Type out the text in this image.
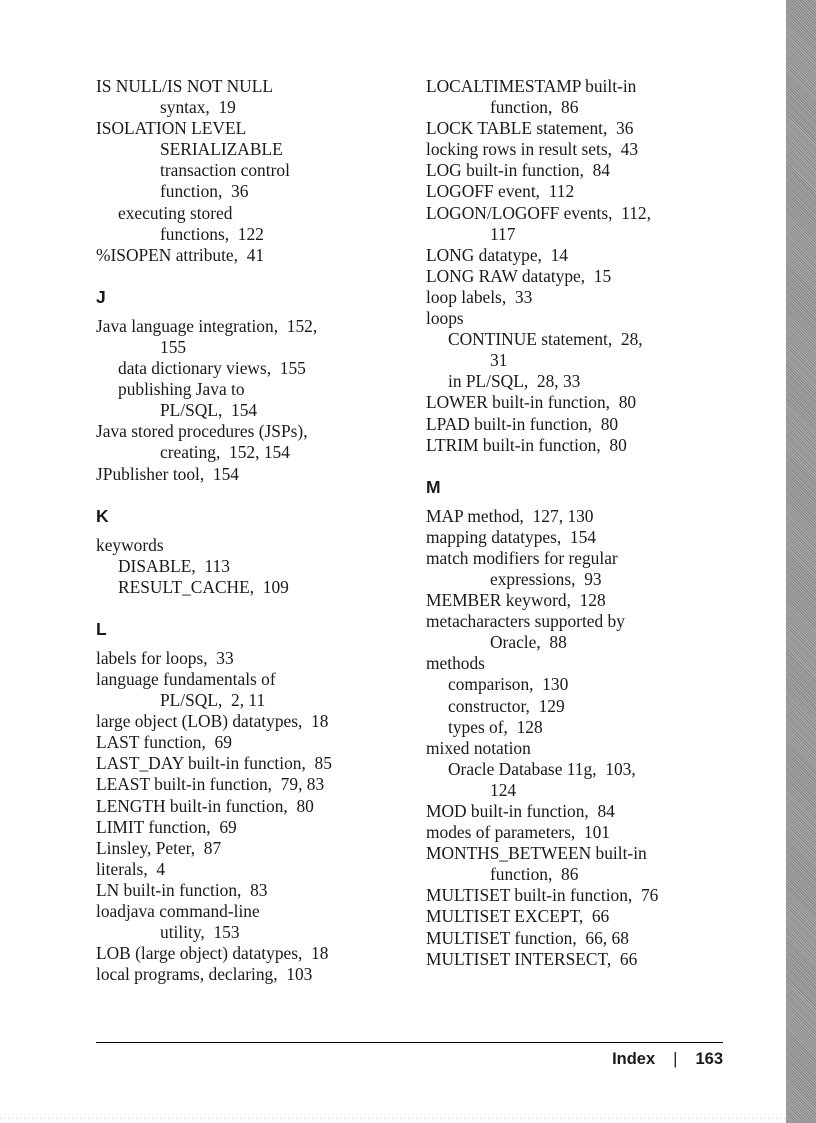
IS NULL/IS NOT NULL
syntax,  19
ISOLATION LEVEL
SERIALIZABLE
transaction control
function,  36
executing stored
functions,  122
%ISOPEN attribute,  41
J
Java language integration,  152,
155
data dictionary views,  155
publishing Java to
PL/SQL,  154
Java stored procedures (JSPs),
creating,  152, 154
JPublisher tool,  154
K
keywords
DISABLE,  113
RESULT_CACHE,  109
L
labels for loops,  33
language fundamentals of
PL/SQL,  2, 11
large object (LOB) datatypes,  18
LAST function,  69
LAST_DAY built-in function,  85
LEAST built-in function,  79, 83
LENGTH built-in function,  80
LIMIT function,  69
Linsley, Peter,  87
literals,  4
LN built-in function,  83
loadjava command-line
utility,  153
LOB (large object) datatypes,  18
local programs, declaring,  103
LOCALTIMESTAMP built-in
function,  86
LOCK TABLE statement,  36
locking rows in result sets,  43
LOG built-in function,  84
LOGOFF event,  112
LOGON/LOGOFF events,  112,
117
LONG datatype,  14
LONG RAW datatype,  15
loop labels,  33
loops
CONTINUE statement,  28,
31
in PL/SQL,  28, 33
LOWER built-in function,  80
LPAD built-in function,  80
LTRIM built-in function,  80
M
MAP method,  127, 130
mapping datatypes,  154
match modifiers for regular
expressions,  93
MEMBER keyword,  128
metacharacters supported by
Oracle,  88
methods
comparison,  130
constructor,  129
types of,  128
mixed notation
Oracle Database 11g,  103,
124
MOD built-in function,  84
modes of parameters,  101
MONTHS_BETWEEN built-in
function,  86
MULTISET built-in function,  76
MULTISET EXCEPT,  66
MULTISET function,  66, 68
MULTISET INTERSECT,  66
Index | 163
